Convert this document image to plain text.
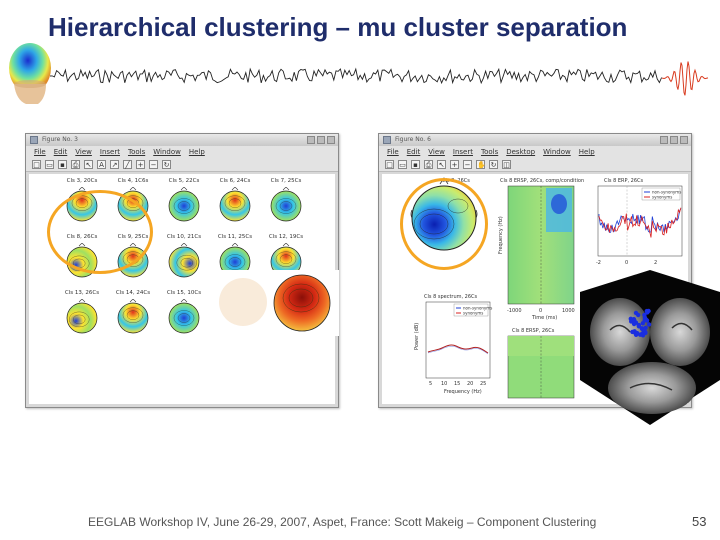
Hierarchical clustering – mu cluster separation
Figure No. 3
File Edit View Insert Tools Window Help
□ ▭	▪	⎙ ↖ A	↗	╱	+ − ↻
Cls 3, 20Cs	Cls 4, 1C6s	Cls 5, 22Cs	Cls 6, 24Cs	Cls 7, 25Cs
Cls 8, 26Cs	Cls 9, 25Cs	Cls 10, 21Cs	Cls 11, 25Cs	Cls 12, 19Cs
Cls 13, 26Cs	Cls 14, 24Cs	Cls 15, 10Cs
Figure No. 6
File Edit View Insert Tools Desktop Window Help
□ ▭	▪	⎙ ↖ + − ✋ ↻ ◫
Cls 8, 26Cs	Cls 8 ERSP, 26Cs, comp/condition
-1000	0	1000
Time (ms)
Frequency (Hz)
Cls 8 ERP, 26Cs
non-synonyms
synonyms
-2	0	2
Cls 8 spectrum, 26Cs
non-synonyms
synonyms
5 10 15 20 25
Frequency (Hz)
Power (dB)	Cls 8 ERSP, 26Cs
EEGLAB Workshop IV, June 26-29, 2007, Aspet, France: Scott Makeig – Component Clustering	53
